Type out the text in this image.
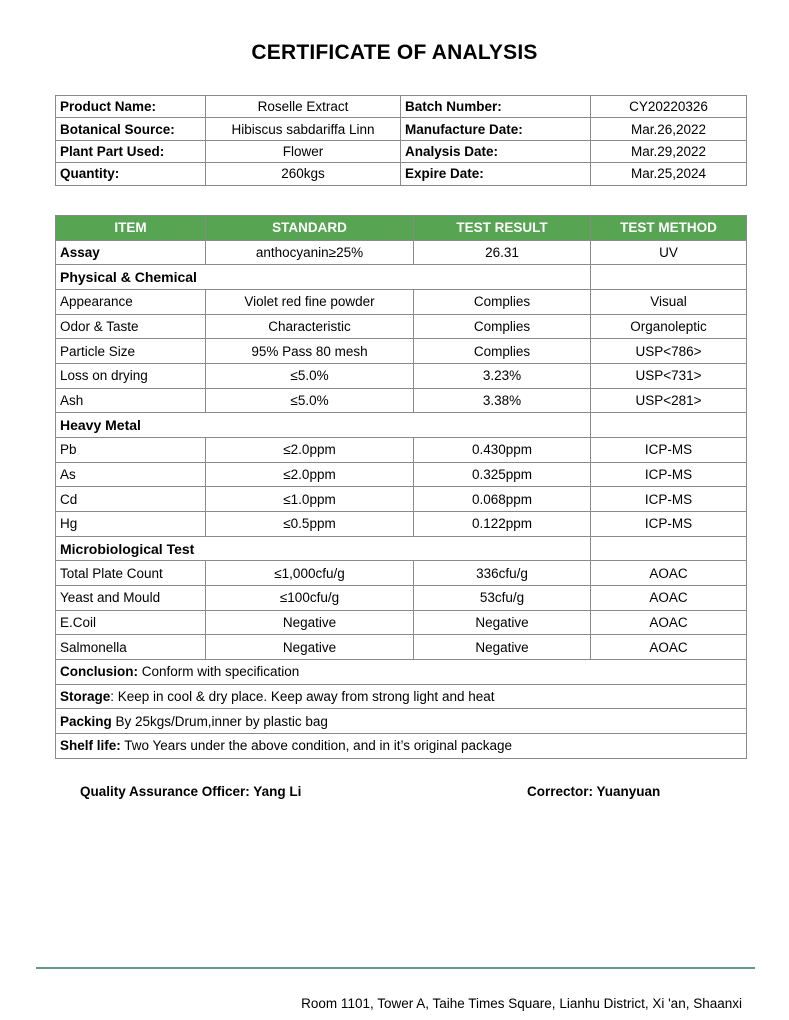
CERTIFICATE OF ANALYSIS
Product Name:	Roselle Extract	Batch Number:	CY20220326
Botanical Source:	Hibiscus sabdariffa Linn	Manufacture Date:	Mar.26,2022
Plant Part Used:	Flower	Analysis Date:	Mar.29,2022
Quantity:	260kgs	Expire Date:	Mar.25,2024
ITEM	STANDARD	TEST RESULT	TEST METHOD
Assay	anthocyanin≥25%	26.31	UV
Physical & Chemical			
Appearance	Violet red fine powder	Complies	Visual
Odor & Taste	Characteristic	Complies	Organoleptic
Particle Size	95% Pass 80 mesh	Complies	USP<786>
Loss on drying	≤5.0%	3.23%	USP<731>
Ash	≤5.0%	3.38%	USP<281>
Heavy Metal			
Pb	≤2.0ppm	0.430ppm	ICP-MS
As	≤2.0ppm	0.325ppm	ICP-MS
Cd	≤1.0ppm	0.068ppm	ICP-MS
Hg	≤0.5ppm	0.122ppm	ICP-MS
Microbiological Test			
Total Plate Count	≤1,000cfu/g	336cfu/g	AOAC
Yeast and Mould	≤100cfu/g	53cfu/g	AOAC
E.Coil	Negative	Negative	AOAC
Salmonella	Negative	Negative	AOAC
Conclusion: Conform with specification			
Storage: Keep in cool & dry place. Keep away from strong light and heat			
Packing By 25kgs/Drum,inner by plastic bag			
Shelf life: Two Years under the above condition, and in it’s original package			
Quality Assurance Officer: Yang Li	Corrector: Yuanyuan
Room 1101, Tower A, Taihe Times Square, Lianhu District, Xi 'an, Shaanxi
